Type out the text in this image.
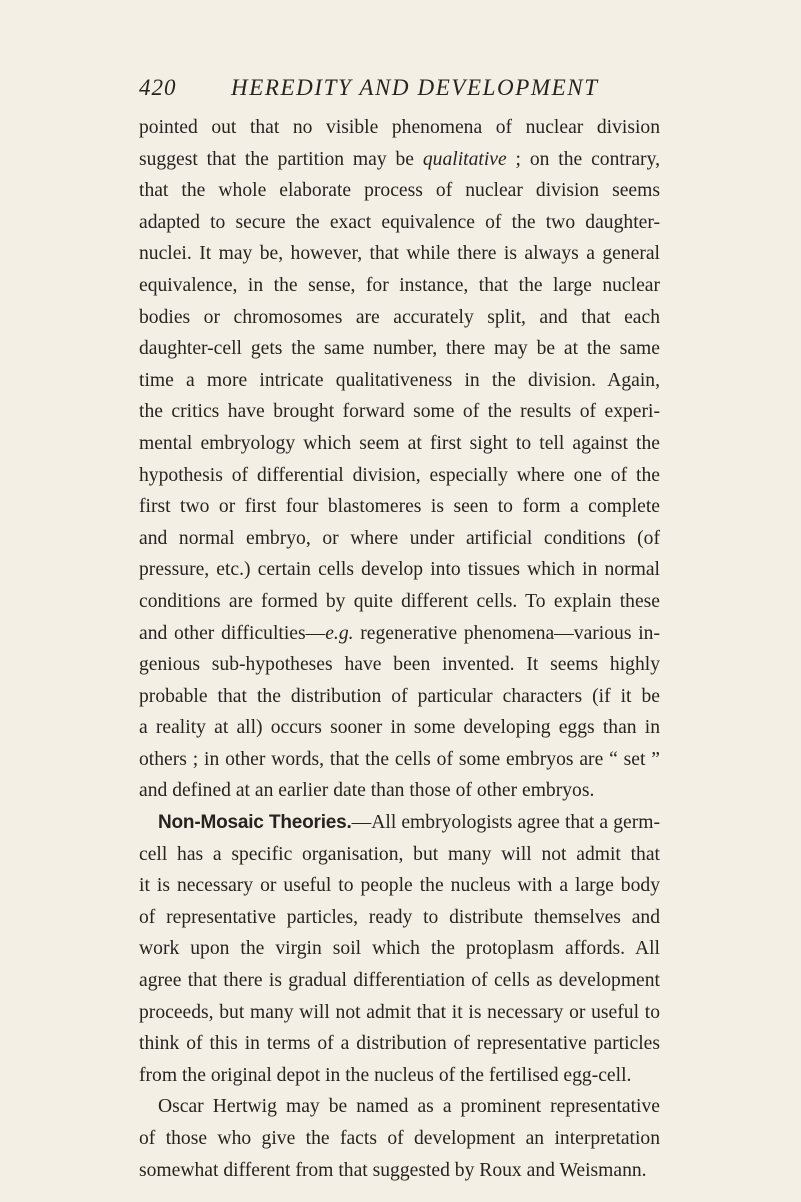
420 HEREDITY AND DEVELOPMENT
pointed out that no visible phenomena of nuclear division
suggest that the partition may be qualitative ; on the contrary,
that the whole elaborate process of nuclear division seems
adapted to secure the exact equivalence of the two daughter-
nuclei. It may be, however, that while there is always a general
equivalence, in the sense, for instance, that the large nuclear
bodies or chromosomes are accurately split, and that each
daughter-cell gets the same number, there may be at the same
time a more intricate qualitativeness in the division. Again,
the critics have brought forward some of the results of experi-
mental embryology which seem at first sight to tell against the
hypothesis of differential division, especially where one of the
first two or first four blastomeres is seen to form a complete
and normal embryo, or where under artificial conditions (of
pressure, etc.) certain cells develop into tissues which in normal
conditions are formed by quite different cells. To explain these
and other difficulties—e.g. regenerative phenomena—various in-
genious sub-hypotheses have been invented. It seems highly
probable that the distribution of particular characters (if it be
a reality at all) occurs sooner in some developing eggs than in
others ; in other words, that the cells of some embryos are “ set ”
and defined at an earlier date than those of other embryos.
Non-Mosaic Theories.—All embryologists agree that a germ-
cell has a specific organisation, but many will not admit that
it is necessary or useful to people the nucleus with a large body
of representative particles, ready to distribute themselves and
work upon the virgin soil which the protoplasm affords. All
agree that there is gradual differentiation of cells as development
proceeds, but many will not admit that it is necessary or useful to
think of this in terms of a distribution of representative particles
from the original depot in the nucleus of the fertilised egg-cell.
Oscar Hertwig may be named as a prominent representative
of those who give the facts of development an interpretation
somewhat different from that suggested by Roux and Weismann.
